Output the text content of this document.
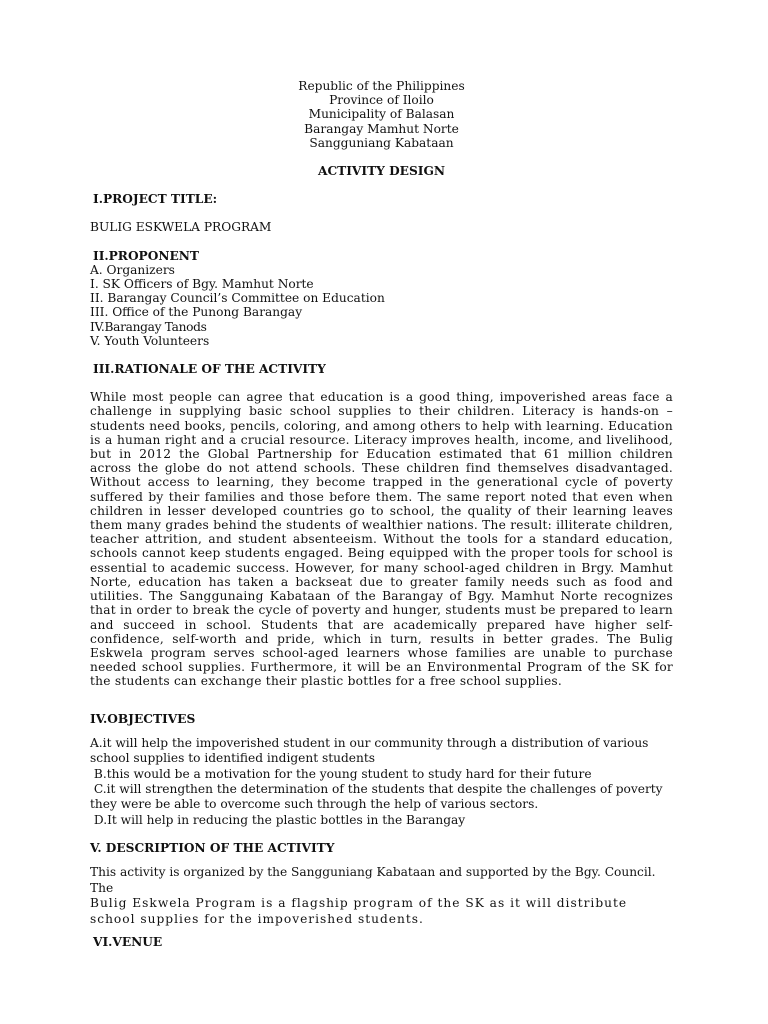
Republic of the Philippines

Province of Iloilo

Municipality of Balasan

Barangay Mamhut Norte

Sangguniang Kabataan

ACTIVITY DESIGN

I.PROJECT TITLE:

BULIG ESKWELA PROGRAM

II.PROPONENT

A. Organizers

I. SK Officers of Bgy. Mamhut Norte

II. Barangay Council’s Committee on Education

III. Office of the Punong Barangay

IV.Barangay Tanods

V. Youth Volunteers

III.RATIONALE OF THE ACTIVITY

While most people can agree that education is a good thing, impoverished areas face a challenge in supplying basic school supplies to their children. Literacy is hands-on – students need books, pencils, coloring, and among others to help with learning. Education is a human right and a crucial resource. Literacy improves health, income, and livelihood, but in 2012 the Global Partnership for Education estimated that 61 million children across the globe do not attend schools. These children find themselves disadvantaged. Without access to learning, they become trapped in the generational cycle of poverty suffered by their families and those before them. The same report noted that even when children in lesser developed countries go to school, the quality of their learning leaves them many grades behind the students of wealthier nations. The result: illiterate children, teacher attrition, and student absenteeism. Without the tools for a standard education, schools cannot keep students engaged. Being equipped with the proper tools for school is essential to academic success. However, for many school-aged children in Brgy. Mamhut Norte, education has taken a backseat due to greater family needs such as food and utilities. The Sanggunaing Kabataan of the Barangay of Bgy. Mamhut Norte recognizes that in order to break the cycle of poverty and hunger, students must be prepared to learn and succeed in school. Students that are academically prepared have higher self- confidence, self-worth and pride, which in turn, results in better grades. The Bulig Eskwela program serves school-aged learners whose families are unable to purchase needed school supplies. Furthermore, it will be an Environmental Program of the SK for the students can exchange their plastic bottles for a free school supplies.

IV.OBJECTIVES

A.it will help the impoverished student in our community through a distribution of various school supplies to identified indigent students

B.this would be a motivation for the young student to study hard for their future

C.it will strengthen the determination of the students that despite the challenges of poverty they were be able to overcome such through the help of various sectors.

D.It will help in reducing the plastic bottles in the Barangay

V. DESCRIPTION OF THE ACTIVITY

This activity is organized by the Sangguniang Kabataan and supported by the Bgy. Council. The

Bulig Eskwela Program is a flagship program of the SK as it will distribute school supplies for the impoverished students.

VI.VENUE
